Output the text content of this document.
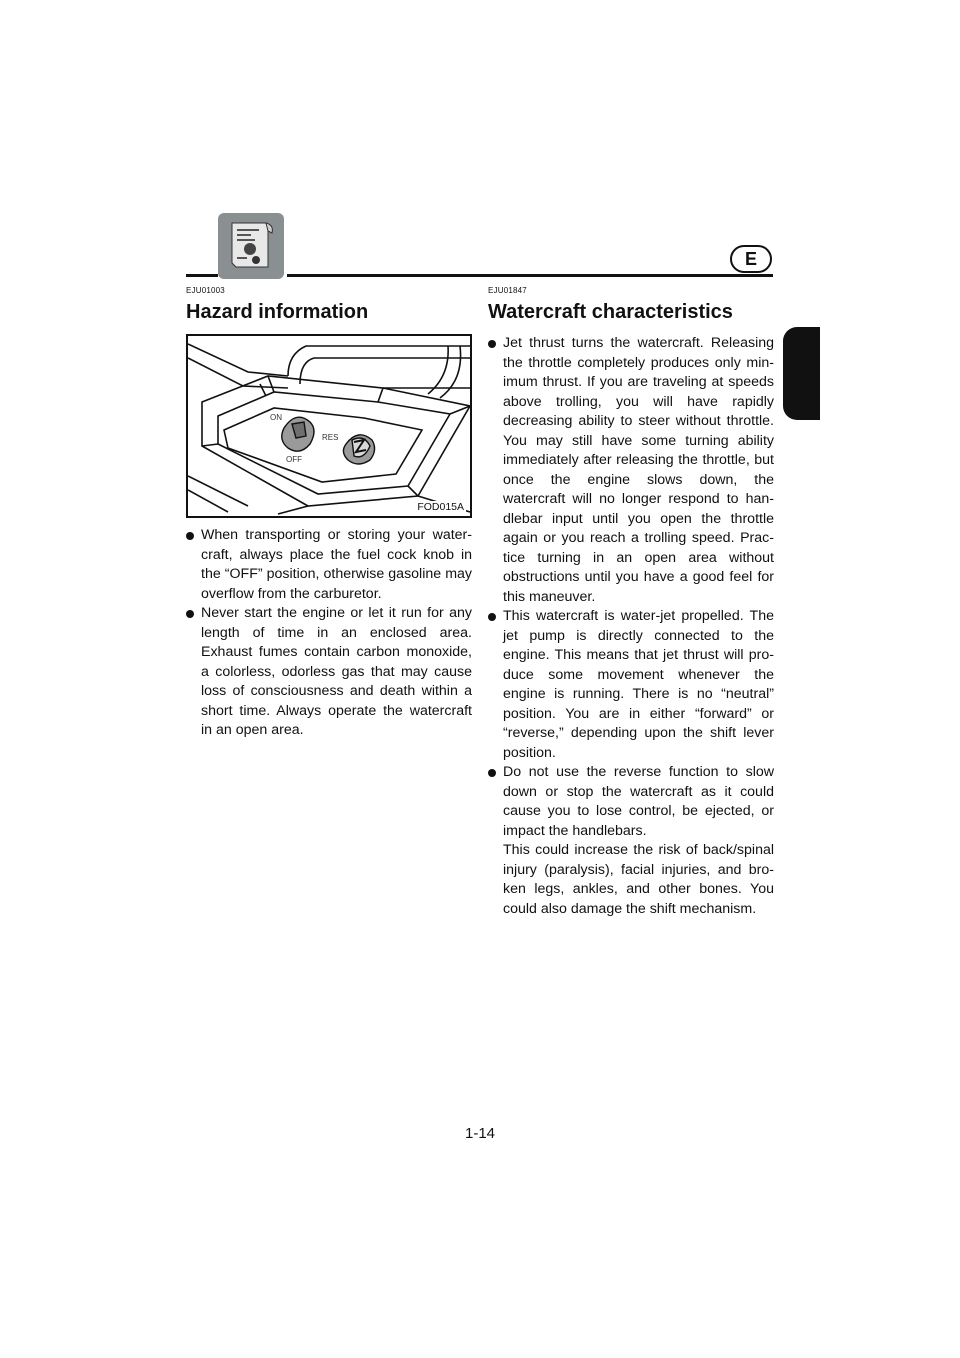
E
EJU01003
Hazard information
ON
OFF
RES
FOD015A

When transporting or storing your water-craft, always place the fuel cock knob in the “OFF” position, otherwise gasoline may overflow from the carburetor.

Never start the engine or let it run for any length of time in an enclosed area. Exhaust fumes contain carbon monoxide, a colorless, odorless gas that may cause loss of consciousness and death within a short time. Always operate the watercraft in an open area.

EJU01847
Watercraft characteristics

Jet thrust turns the watercraft. Releasing the throttle completely produces only min-imum thrust. If you are traveling at speeds above trolling, you will have rapidly decreasing ability to steer without throttle. You may still have some turning ability immediately after releasing the throttle, but once the engine slows down, the watercraft will no longer respond to han-dlebar input until you open the throttle again or you reach a trolling speed. Prac-tice turning in an open area without obstructions until you have a good feel for this maneuver.

This watercraft is water-jet propelled. The jet pump is directly connected to the engine. This means that jet thrust will pro-duce some movement whenever the engine is running. There is no “neutral” position. You are in either “forward” or “reverse,” depending upon the shift lever position.

Do not use the reverse function to slow down or stop the watercraft as it could cause you to lose control, be ejected, or impact the handlebars.

This could increase the risk of back/spinal injury (paralysis), facial injuries, and bro-ken legs, ankles, and other bones. You could also damage the shift mechanism.

1-14
